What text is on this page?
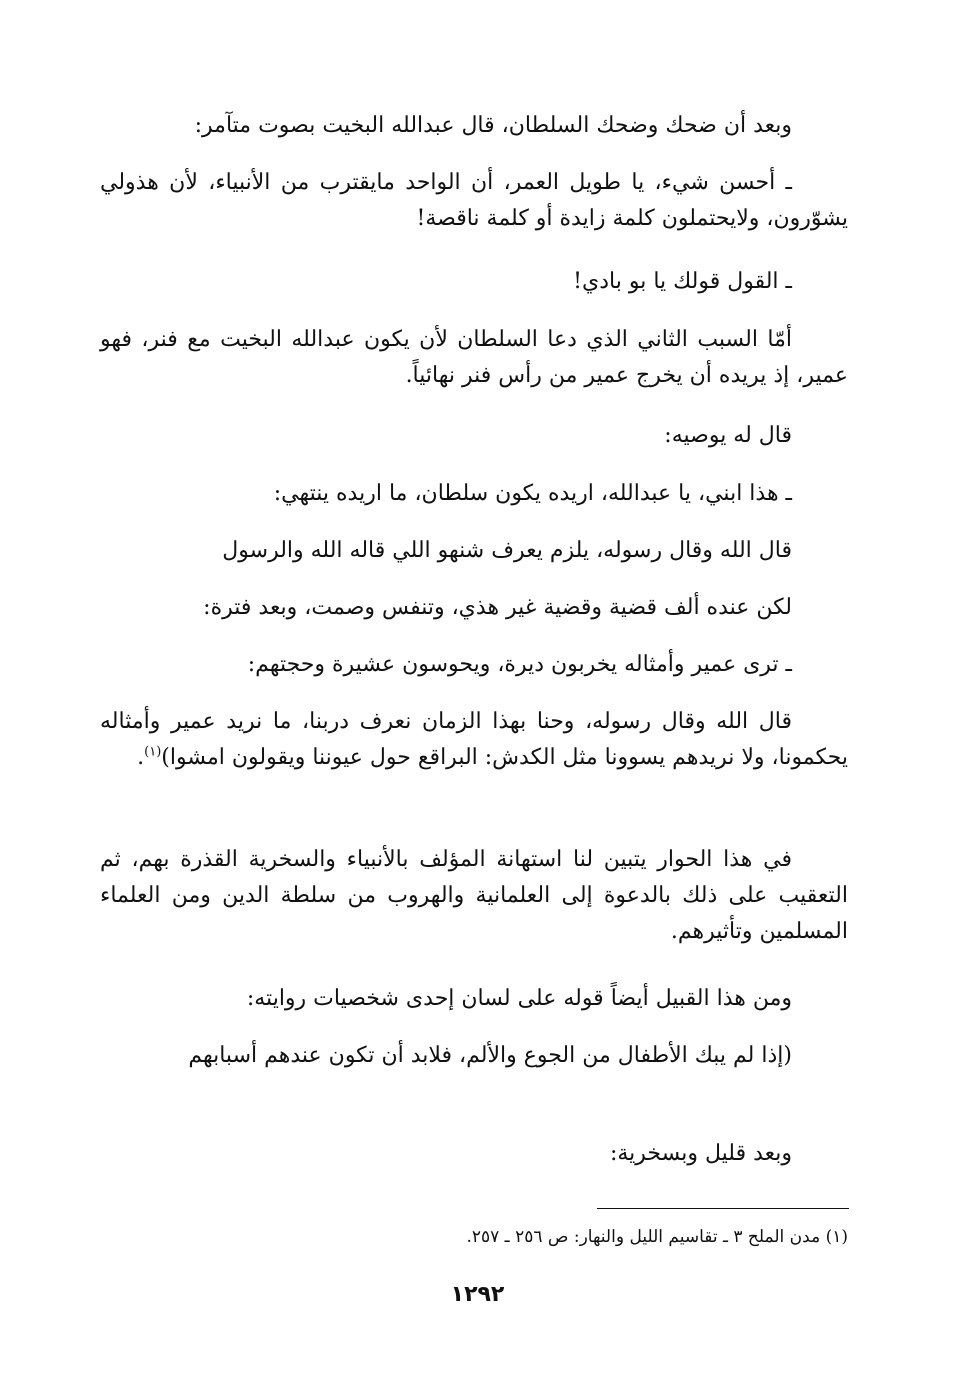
وبعد أن ضحك وضحك السلطان، قال عبدالله البخيت بصوت متآمر:

ـ أحسن شيء، يا طويل العمر، أن الواحد مايقترب من الأنبياء، لأن هذولي يشوّرون، ولايحتملون كلمة زايدة أو كلمة ناقصة!

ـ القول قولك يا بو بادي!

أمّا السبب الثاني الذي دعا السلطان لأن يكون عبدالله البخيت مع فنر، فهو عمير، إذ يريده أن يخرج عمير من رأس فنر نهائياً.

قال له يوصيه:

ـ هذا ابني، يا عبدالله، اريده يكون سلطان، ما اريده ينتهي:

قال الله وقال رسوله، يلزم يعرف شنهو اللي قاله الله والرسول

لكن عنده ألف قضية وقضية غير هذي، وتنفس وصمت، وبعد فترة:

ـ ترى عمير وأمثاله يخربون ديرة، ويحوسون عشيرة وحجتهم:

قال الله وقال رسوله، وحنا بهذا الزمان نعرف دربنا، ما نريد عمير وأمثاله يحكمونا، ولا نريدهم يسوونا مثل الكدش: البراقع حول عيوننا ويقولون امشوا)$^{(١)}$.

في هذا الحوار يتبين لنا استهانة المؤلف بالأنبياء والسخرية القذرة بهم، ثم التعقيب على ذلك بالدعوة إلى العلمانية والهروب من سلطة الدين ومن العلماء المسلمين وتأثيرهم.

ومن هذا القبيل أيضاً قوله على لسان إحدى شخصيات روايته:

(إذا لم يبك الأطفال من الجوع والألم، فلابد أن تكون عندهم أسبابهم

وبعد قليل وبسخرية:

(١) مدن الملح ٣ ـ تقاسيم الليل والنهار: ص ٢٥٦ ـ ٢٥٧.

١٢٩٢
